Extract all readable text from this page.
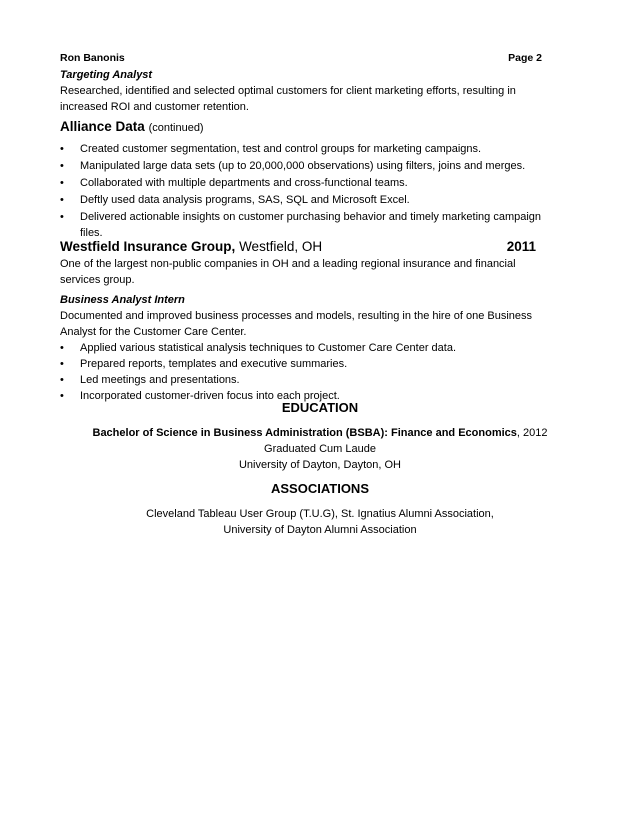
Ron Banonis	Page 2
Targeting Analyst
Researched, identified and selected optimal customers for client marketing efforts, resulting in
increased ROI and customer retention.
Alliance Data (continued)
• Created customer segmentation, test and control groups for marketing campaigns.
• Manipulated large data sets (up to 20,000,000 observations) using filters, joins and merges.
• Collaborated with multiple departments and cross-functional teams.
• Deftly used data analysis programs, SAS, SQL and Microsoft Excel.
• Delivered actionable insights on customer purchasing behavior and timely marketing campaign
files.
Westfield Insurance Group, Westfield, OH	2011
One of the largest non-public companies in OH and a leading regional insurance and financial
services group.
Business Analyst Intern
Documented and improved business processes and models, resulting in the hire of one Business
Analyst for the Customer Care Center.
• Applied various statistical analysis techniques to Customer Care Center data.
• Prepared reports, templates and executive summaries.
• Led meetings and presentations.
• Incorporated customer-driven focus into each project.
EDUCATION
Bachelor of Science in Business Administration (BSBA): Finance and Economics, 2012
Graduated Cum Laude
University of Dayton, Dayton, OH
ASSOCIATIONS
Cleveland Tableau User Group (T.U.G), St. Ignatius Alumni Association,
University of Dayton Alumni Association
